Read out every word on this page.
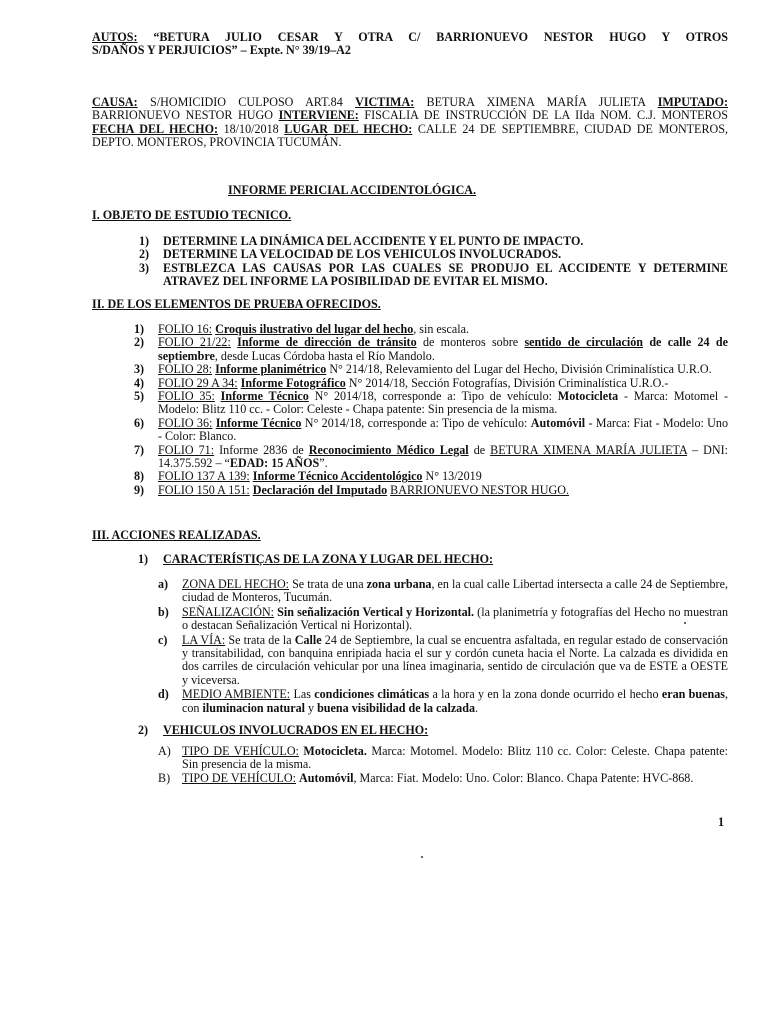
AUTOS: “BETURA JULIO CESAR Y OTRA C/ BARRIONUEVO NESTOR HUGO Y OTROS
S/DAÑOS Y PERJUICIOS” – Expte. N° 39/19–A2
CAUSA: S/HOMICIDIO CULPOSO ART.84 VICTIMA: BETURA XIMENA MARÍA JULIETA IMPUTADO: BARRIONUEVO NESTOR HUGO INTERVIENE: FISCALIA DE INSTRUCCIÓN DE LA IIda NOM. C.J. MONTEROS FECHA DEL HECHO: 18/10/2018 LUGAR DEL HECHO: CALLE 24 DE SEPTIEMBRE, CIUDAD DE MONTEROS, DEPTO. MONTEROS, PROVINCIA TUCUMÁN.
INFORME PERICIAL ACCIDENTOLÓGICA.
I. OBJETO DE ESTUDIO TECNICO.
1) DETERMINE LA DINÁMICA DEL ACCIDENTE Y EL PUNTO DE IMPACTO.
2) DETERMINE LA VELOCIDAD DE LOS VEHICULOS INVOLUCRADOS.
3) ESTBLEZCA LAS CAUSAS POR LAS CUALES SE PRODUJO EL ACCIDENTE Y DETERMINE ATRAVEZ DEL INFORME LA POSIBILIDAD DE EVITAR EL MISMO.
II. DE LOS ELEMENTOS DE PRUEBA OFRECIDOS.
1) FOLIO 16: Croquis ilustrativo del lugar del hecho, sin escala.
2) FOLIO 21/22: Informe de dirección de tránsito de monteros sobre sentido de circulación de calle 24 de septiembre, desde Lucas Córdoba hasta el Río Mandolo.
3) FOLIO 28: Informe planimétrico N° 214/18, Relevamiento del Lugar del Hecho, División Criminalística U.R.O.
4) FOLIO 29 A 34: Informe Fotográfico N° 2014/18, Sección Fotografías, División Criminalística U.R.O.-
5) FOLIO 35: Informe Técnico N° 2014/18, corresponde a: Tipo de vehículo: Motocicleta - Marca: Motomel - Modelo: Blitz 110 cc. - Color: Celeste - Chapa patente: Sin presencia de la misma.
6) FOLIO 36: Informe Técnico N° 2014/18, corresponde a: Tipo de vehículo: Automóvil - Marca: Fiat - Modelo: Uno - Color: Blanco.
7) FOLIO 71: Informe 2836 de Reconocimiento Médico Legal de BETURA XIMENA MARÍA JULIETA – DNI: 14.375.592 – “EDAD: 15 AÑOS”.
8) FOLIO 137 A 139: Informe Técnico Accidentológico N° 13/2019
9) FOLIO 150 A 151: Declaración del Imputado BARRIONUEVO NESTOR HUGO.
III. ACCIONES REALIZADAS.
1) CARACTERÍSTIÇAS DE LA ZONA Y LUGAR DEL HECHO:
a) ZONA DEL HECHO: Se trata de una zona urbana, en la cual calle Libertad intersecta a calle 24 de Septiembre, ciudad de Monteros, Tucumán.
b) SEÑALIZACIÓN: Sin señalización Vertical y Horizontal. (la planimetría y fotografías del Hecho no muestran o destacan Señalización Vertical ni Horizontal).
c) LA VÍA: Se trata de la Calle 24 de Septiembre, la cual se encuentra asfaltada, en regular estado de conservación y transitabilidad, con banquina enripiada hacia el sur y cordón cuneta hacia el Norte. La calzada es dividida en dos carriles de circulación vehicular por una línea imaginaria, sentido de circulación que va de ESTE a OESTE y viceversa.
d) MEDIO AMBIENTE: Las condiciones climáticas a la hora y en la zona donde ocurrido el hecho eran buenas, con iluminacion natural y buena visibilidad de la calzada.
2) VEHICULOS INVOLUCRADOS EN EL HECHO:
A) TIPO DE VEHÍCULO: Motocicleta. Marca: Motomel. Modelo: Blitz 110 cc. Color: Celeste. Chapa patente: Sin presencia de la misma.
B) TIPO DE VEHÍCULO: Automóvil, Marca: Fiat. Modelo: Uno. Color: Blanco. Chapa Patente: HVC-868.
1
